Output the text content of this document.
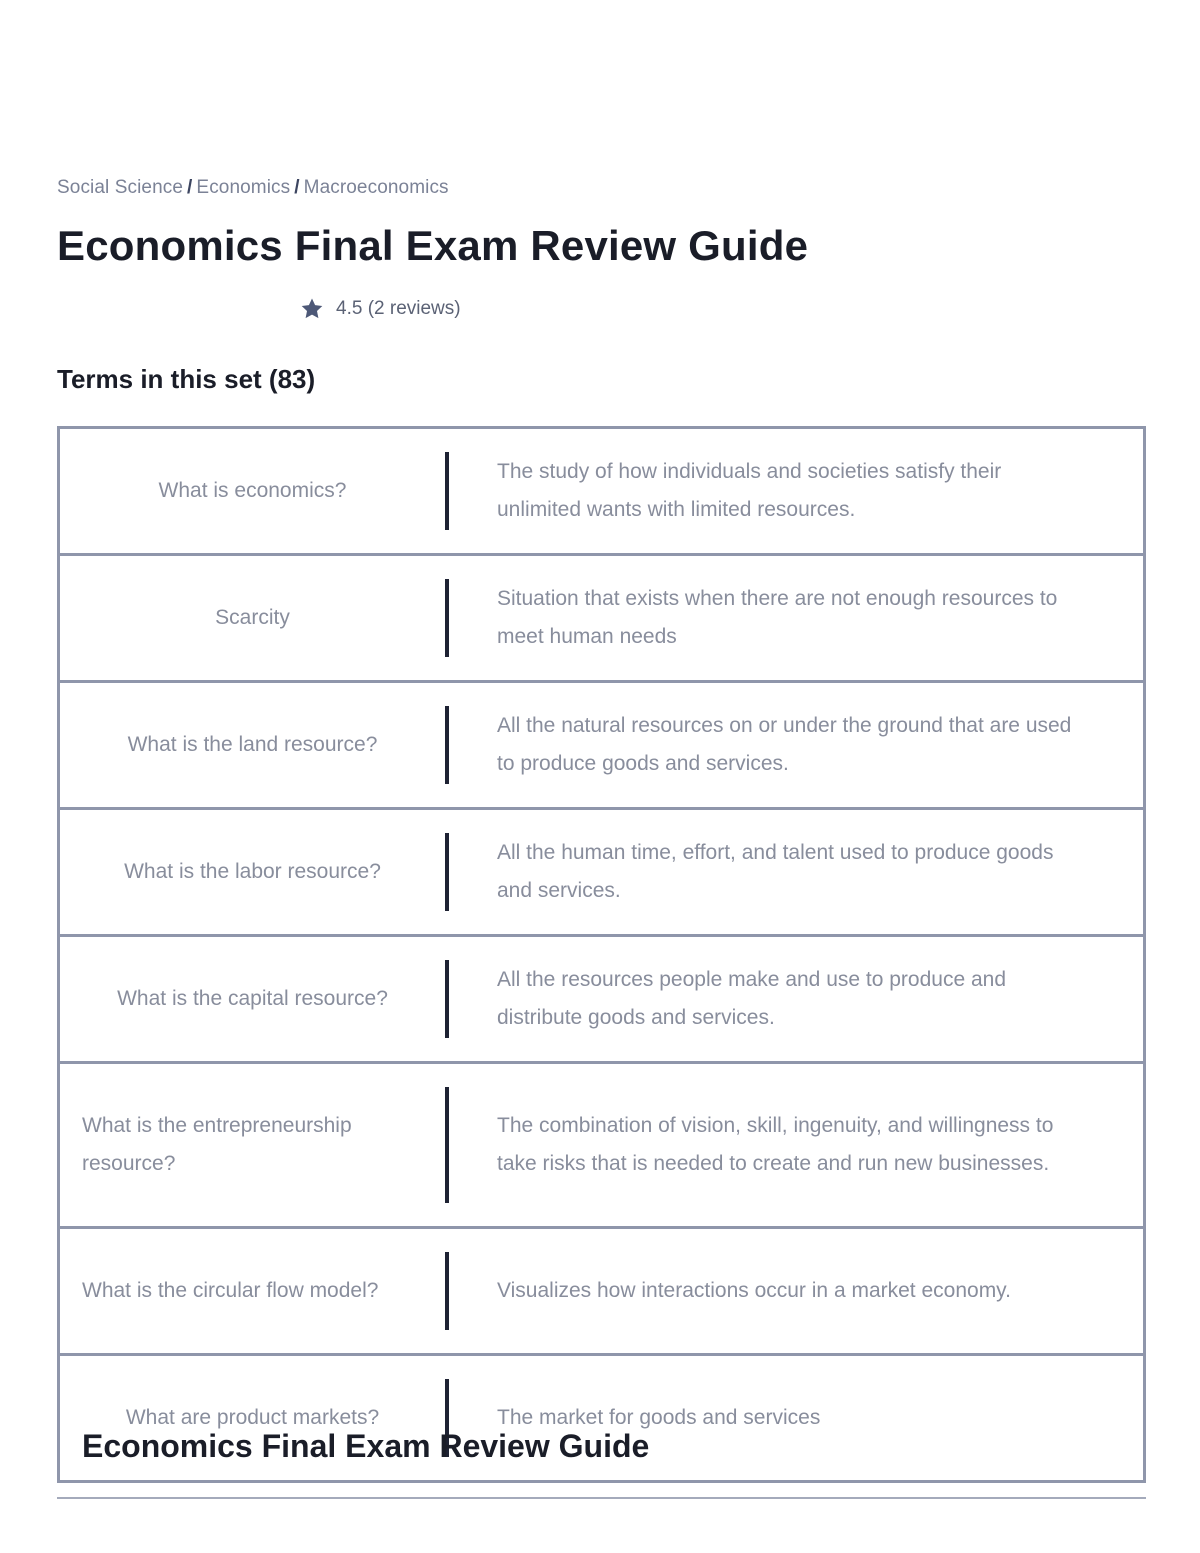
Social Science / Economics / Macroeconomics
Economics Final Exam Review Guide
4.5 (2 reviews)
Terms in this set (83)
What is economics?
The study of how individuals and societies satisfy their unlimited wants with limited resources.
Scarcity
Situation that exists when there are not enough resources to meet human needs
What is the land resource?
All the natural resources on or under the ground that are used to produce goods and services.
What is the labor resource?
All the human time, effort, and talent used to produce goods and services.
What is the capital resource?
All the resources people make and use to produce and distribute goods and services.
What is the entrepreneurship resource?
The combination of vision, skill, ingenuity, and willingness to take risks that is needed to create and run new businesses.
What is the circular flow model?	Visualizes how interactions occur in a market economy.
What are product markets?	The market for goods and services
Economics Final Exam Review Guide
